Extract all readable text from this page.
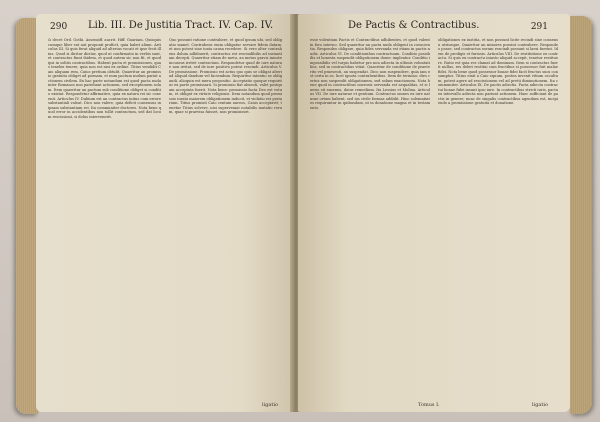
290 Lib. III. De Justitia Tract. IV. Cap. IV.
& decet Ord. Gothi. Assensiff. aucrit. Hiff. Guariam. Quisquis cumque liber eat aut proponit proficit, quia habet alium. Articulus III. Si quis ferat aliquid ad alterius vocati et ipse fecit illius. Quod si dicitur dicitur, quod ut confirmatio in verbis sunt, et contractus fiunt ibidem, et quod autem sic non fit, et quod ipsi in solitis contractibus. Habent pacta et promissiones, quas tenebis tenere, quia non est nisi ex ordine. Titius vendidit Caio aliquam rem, Caius pretium obtulit. Quaeritur an promissio gratuita obliget ad poenam, et num pactum nudum pariat actionem civilem. Ex hac parte notandum est quod pacta nuda inter Romanos non pariebant actionem, sed exceptionem solam. Item quaeritur an pactum sub conditione obliget si conditio existat. Respondetur affirmative, quia ex natura rei sic convenit. Articulus IV. Dubium est an contractus initus cum errore substantiali valeat. Dico non valere, quia deficit consensus in ipsam substantiam rei. Ita communiter doctores. Nota bene quod error in accidentibus non tollit contractum, sed dat locum rescissioni, si dolus intervenerit.
Quo possunt ratione contrahere, et quod ipsum ubi, sed obligatio manet. Contrahens enim obligatur servare fidem datam, et non potest sine iusta causa recedere. Si vero alter contrahens dolum adhibuerit, contractus est rescindibilis ad instantiam decepti. Quaeritur etiam de metu, an metus gravis iniuste incussus irritet contractum. Respondetur quod de iure naturae non irritat, sed de iure positivo potest rescindi. Articulus V. De promissione. Promissio est actus quo quis se obligat alteri ad aliquid dandum vel faciendum. Requiritur intentio se obligandi, alioquin est mera propositio. Acceptatio quoque requiritur ex parte promissarii. Si promissio fiat absenti, valet postquam acceptata fuerit. Nota bene: promissio facta Deo est votum, et obligat ex virtute religionis. Item notandum quod promissio iurata maiorem obligationem inducit, et violatio est periurium. Titius promisit Caio centum aureos, Caius acceptavit; tenetur Titius solvere, nisi superveniat notabilis mutatio rerum, quae si praevisa fuisset, non promisisset.
ligatio
De Pactis & Contractibus.	291
esse volentium Pactis et Contractibus adhibentes, et quod valent in foro interno. Sed quaeritur an pacta nuda obligent in conscientia. Respondeo obligare, quia fides servanda est etiam in pactis nudis. Articulus VI. De conditionibus contractuum. Conditio possibilis et honesta suspendit obligationem donec impleatur. Conditio impossibilis vel turpis habetur pro non adiecta in ultimis voluntatibus, sed in contractibus vitiat. Quaeritur de conditione de praeterito vel praesenti, an suspendat. Dico non suspendere, quia iam est certa in se, licet ignota contrahentibus. Item de termino: dies certus non suspendit obligationem, sed solum exactionem. Nota bene quod in contractibus onerosis servanda est aequalitas, et si laesio sit enormis, datur remedium. Ita Lessius et Molina. Articulus VII. De iure naturae et gentium. Contractus omnes ex iure naturae ortum habent, sed ius civile formas addidit. Hinc solemnitates requiruntur in quibusdam, ut in donatione magna et in testamento.
obligationes ex iustitia, et non possunt licite recindi sine consensu utriusque. Quaeritur an minores possint contrahere. Respondeo posse, sed contractus eorum rescindi possunt si laesi fuerint. Idem de prodigis et furiosis. Articulus VIII. De restitutione ex contractu. Si quis ex contractu iniusto aliquid accepit, tenetur restituere. Ratio est quia res clamat ad dominum. Item si contractus fuerit nullus, res debet restitui cum fructibus si possessor fuit malae fidei. Nota bene quod possessor bonae fidei facit fructus suos consumptos. Titius emit a Caio equum, postea invenit vitium occultum; potest agere ad rescissionem vel ad pretii diminutionem. Ita communiter. Articulus IX. De pactis adiectis. Pacta adiecta contractui bonae fidei insunt ipso iure. In contractibus stricti iuris, pacta ex intervallo adiecta non pariunt actionem. Haec sufficiant de pactis in genere; nunc de singulis contractibus agendum est, incipiendo a promissione gratuita et donatione.
Tomus I.	ligatio
